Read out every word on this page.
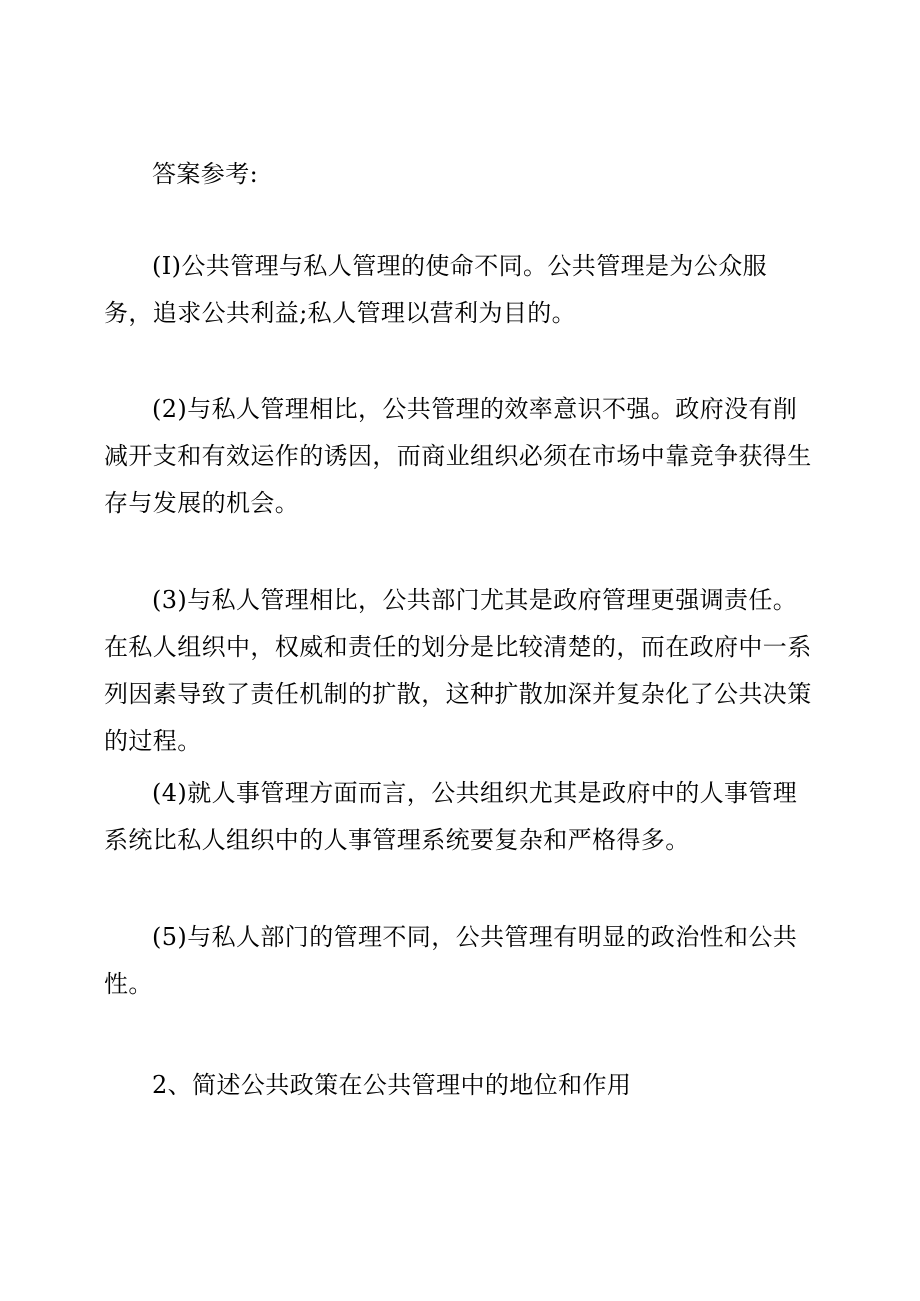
答案参考:

(I)公共管理与私人管理的使命不同。公共管理是为公众服务，追求公共利益;私人管理以营利为目的。

(2)与私人管理相比，公共管理的效率意识不强。政府没有削减开支和有效运作的诱因，而商业组织必须在市场中靠竞争获得生存与发展的机会。

(3)与私人管理相比，公共部门尤其是政府管理更强调责任。在私人组织中，权威和责任的划分是比较清楚的，而在政府中一系列因素导致了责任机制的扩散，这种扩散加深并复杂化了公共决策的过程。

(4)就人事管理方面而言，公共组织尤其是政府中的人事管理系统比私人组织中的人事管理系统要复杂和严格得多。

(5)与私人部门的管理不同，公共管理有明显的政治性和公共性。

2、简述公共政策在公共管理中的地位和作用
